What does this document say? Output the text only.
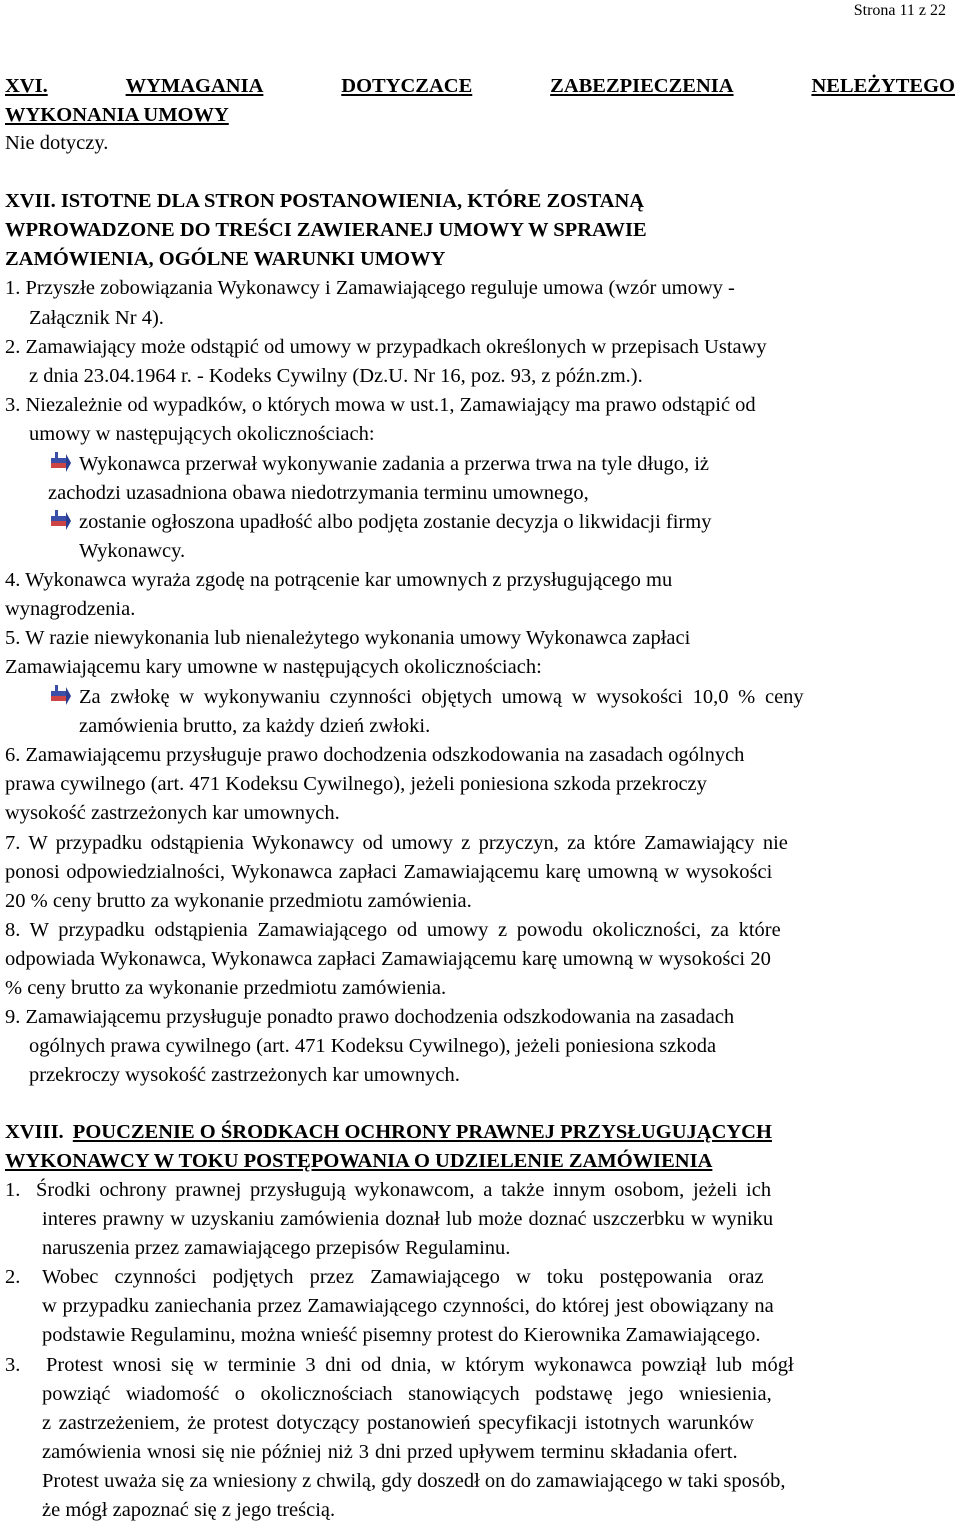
Strona 11 z 22
XVI.	WYMAGANIA	DOTYCZACE	ZABEZPIECZENIA	NELEŻYTEGO
WYKONANIA UMOWY
Nie dotyczy.
XVII. ISTOTNE DLA STRON POSTANOWIENIA, KTÓRE ZOSTANĄ
WPROWADZONE DO TREŚCI ZAWIERANEJ UMOWY W SPRAWIE
ZAMÓWIENIA, OGÓLNE WARUNKI UMOWY
1. Przyszłe zobowiązania Wykonawcy i Zamawiającego reguluje umowa (wzór umowy -
Załącznik Nr 4).
2. Zamawiający może odstąpić od umowy w przypadkach określonych w przepisach Ustawy
z dnia 23.04.1964 r. - Kodeks Cywilny (Dz.U. Nr 16, poz. 93, z późn.zm.).
3. Niezależnie od wypadków, o których mowa w ust.1, Zamawiający ma prawo odstąpić od
umowy w następujących okolicznościach:
Wykonawca przerwał wykonywanie zadania a przerwa trwa na tyle długo, iż
zachodzi uzasadniona obawa niedotrzymania terminu umownego,
zostanie ogłoszona upadłość albo podjęta zostanie decyzja o likwidacji firmy
Wykonawcy.
4. Wykonawca wyraża zgodę na potrącenie kar umownych z przysługującego mu
wynagrodzenia.
5. W razie niewykonania lub nienależytego wykonania umowy Wykonawca zapłaci
Zamawiającemu kary umowne w następujących okolicznościach:
Za zwłokę w wykonywaniu czynności objętych umową w wysokości 10,0 % ceny
zamówienia brutto, za każdy dzień zwłoki.
6. Zamawiającemu przysługuje prawo dochodzenia odszkodowania na zasadach ogólnych
prawa cywilnego (art. 471 Kodeksu Cywilnego), jeżeli poniesiona szkoda przekroczy
wysokość zastrzeżonych kar umownych.
7. W przypadku odstąpienia Wykonawcy od umowy z przyczyn, za które Zamawiający nie
ponosi odpowiedzialności, Wykonawca zapłaci Zamawiającemu karę umowną w wysokości
20 % ceny brutto za wykonanie przedmiotu zamówienia.
8. W przypadku odstąpienia Zamawiającego od umowy z powodu okoliczności, za które
odpowiada Wykonawca, Wykonawca zapłaci Zamawiającemu karę umowną w wysokości 20
% ceny brutto za wykonanie przedmiotu zamówienia.
9. Zamawiającemu przysługuje ponadto prawo dochodzenia odszkodowania na zasadach
ogólnych prawa cywilnego (art. 471 Kodeksu Cywilnego), jeżeli poniesiona szkoda
przekroczy wysokość zastrzeżonych kar umownych.
XVIII. POUCZENIE O ŚRODKACH OCHRONY PRAWNEJ PRZYSŁUGUJĄCYCH
WYKONAWCY W TOKU POSTĘPOWANIA O UDZIELENIE ZAMÓWIENIA
1. Środki ochrony prawnej przysługują wykonawcom, a także innym osobom, jeżeli ich
interes prawny w uzyskaniu zamówienia doznał lub może doznać uszczerbku w wyniku
naruszenia przez zamawiającego przepisów Regulaminu.
2. Wobec czynności podjętych przez Zamawiającego w toku postępowania oraz
w przypadku zaniechania przez Zamawiającego czynności, do której jest obowiązany na
podstawie Regulaminu, można wnieść pisemny protest do Kierownika Zamawiającego.
3. Protest wnosi się w terminie 3 dni od dnia, w którym wykonawca powziął lub mógł
powziąć wiadomość o okolicznościach stanowiących podstawę jego wniesienia,
z zastrzeżeniem, że protest dotyczący postanowień specyfikacji istotnych warunków
zamówienia wnosi się nie później niż 3 dni przed upływem terminu składania ofert.
Protest uważa się za wniesiony z chwilą, gdy doszedł on do zamawiającego w taki sposób,
że mógł zapoznać się z jego treścią.
